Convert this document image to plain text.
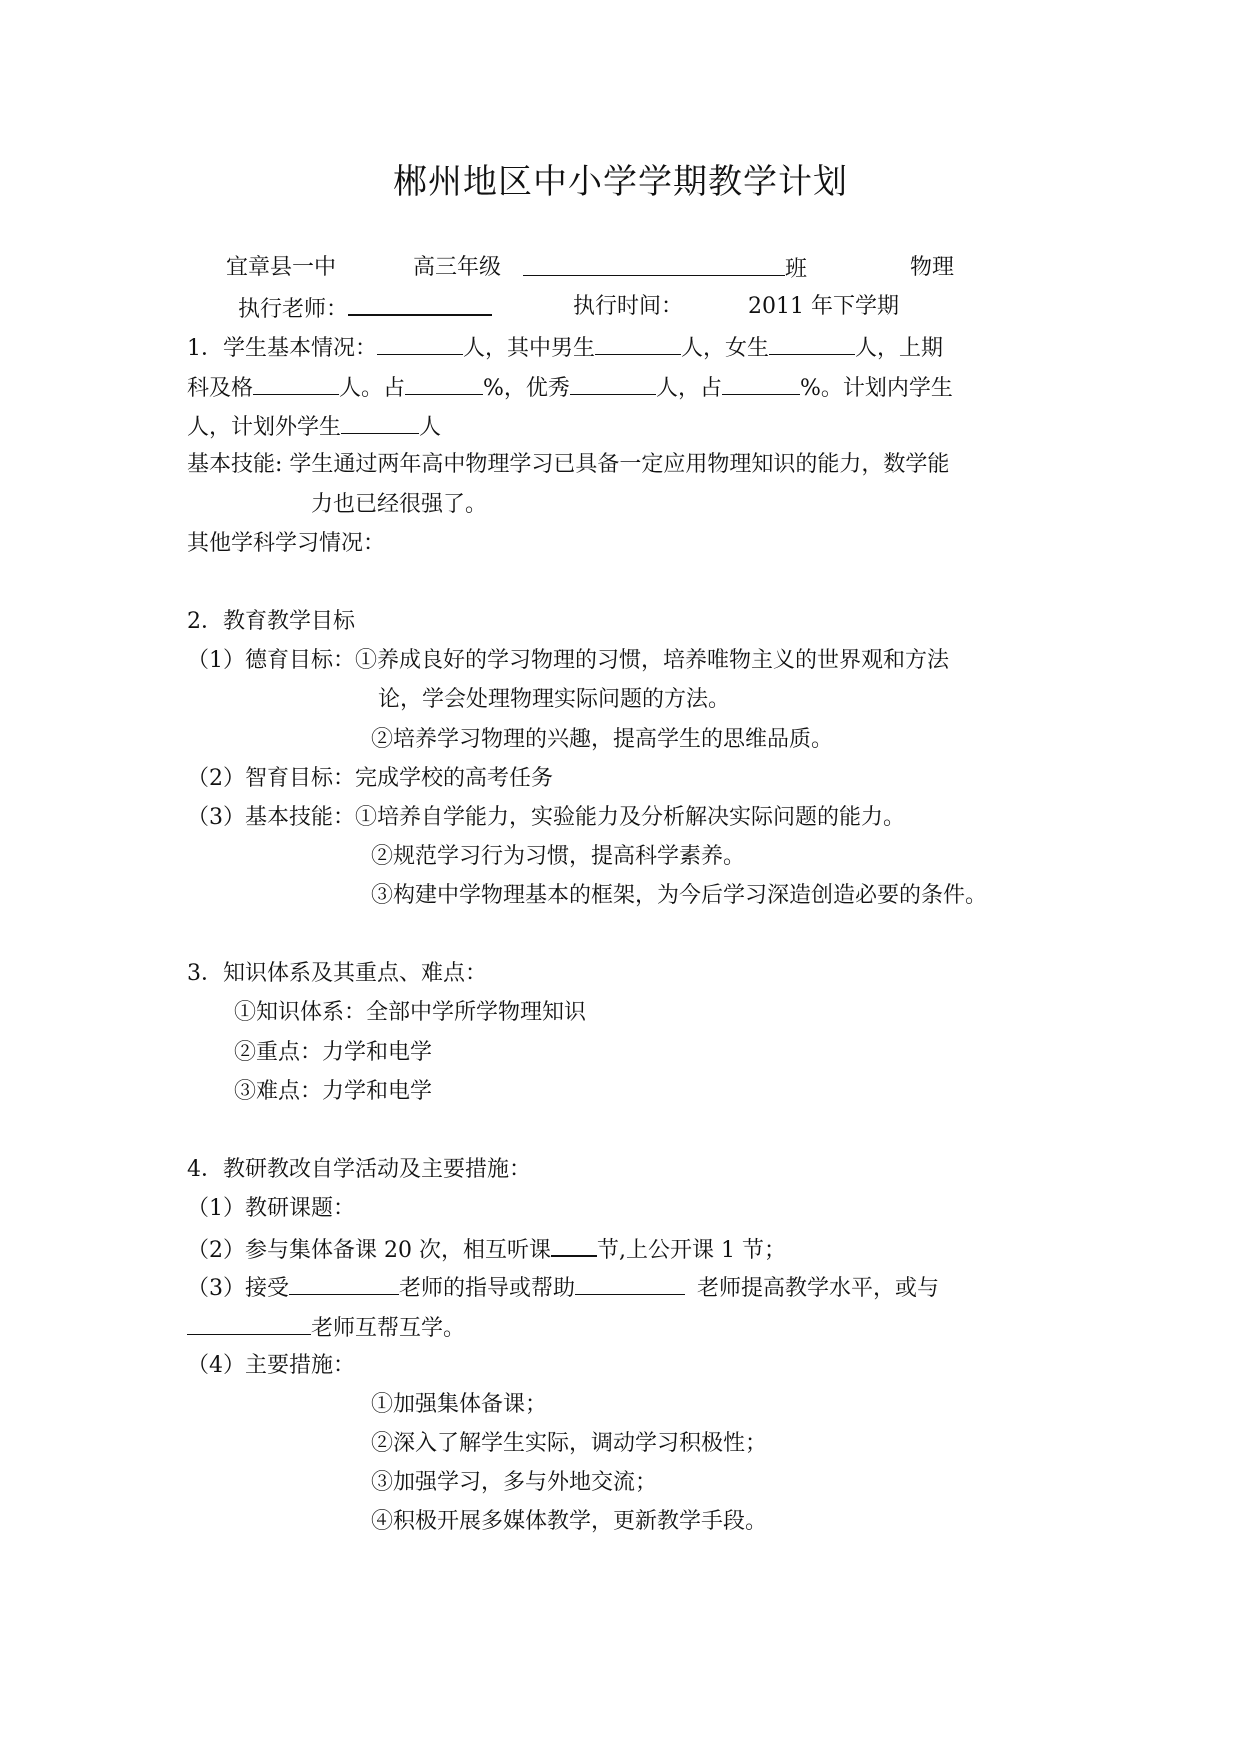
郴州地区中小学学期教学计划
宜章县一中	高三年级	班	物理
执行老师：	执行时间：	2011 年下学期
1．学生基本情况：	人，其中男生	人，女生	人，上期
科及格	人。占	%，优秀	人，占	%。计划内学生
人，计划外学生	人
基本技能: 学生通过两年高中物理学习已具备一定应用物理知识的能力，数学能
力也已经很强了。
其他学科学习情况：
2．教育教学目标
（1）德育目标：①养成良好的学习物理的习惯，培养唯物主义的世界观和方法
论，学会处理物理实际问题的方法。
②培养学习物理的兴趣，提高学生的思维品质。
（2）智育目标：完成学校的高考任务
（3）基本技能：①培养自学能力，实验能力及分析解决实际问题的能力。
②规范学习行为习惯，提高科学素养。
③构建中学物理基本的框架，为今后学习深造创造必要的条件。
3．知识体系及其重点、难点：
①知识体系：全部中学所学物理知识
②重点：力学和电学
③难点：力学和电学
4．教研教改自学活动及主要措施：
（1）教研课题：
（2）参与集体备课 20 次，相互听课 节,上公开课 1 节；
（3）接受	老师的指导或帮助	老师提高教学水平，或与
老师互帮互学。
（4）主要措施：
①加强集体备课；
②深入了解学生实际，调动学习积极性；
③加强学习，多与外地交流；
④积极开展多媒体教学，更新教学手段。
